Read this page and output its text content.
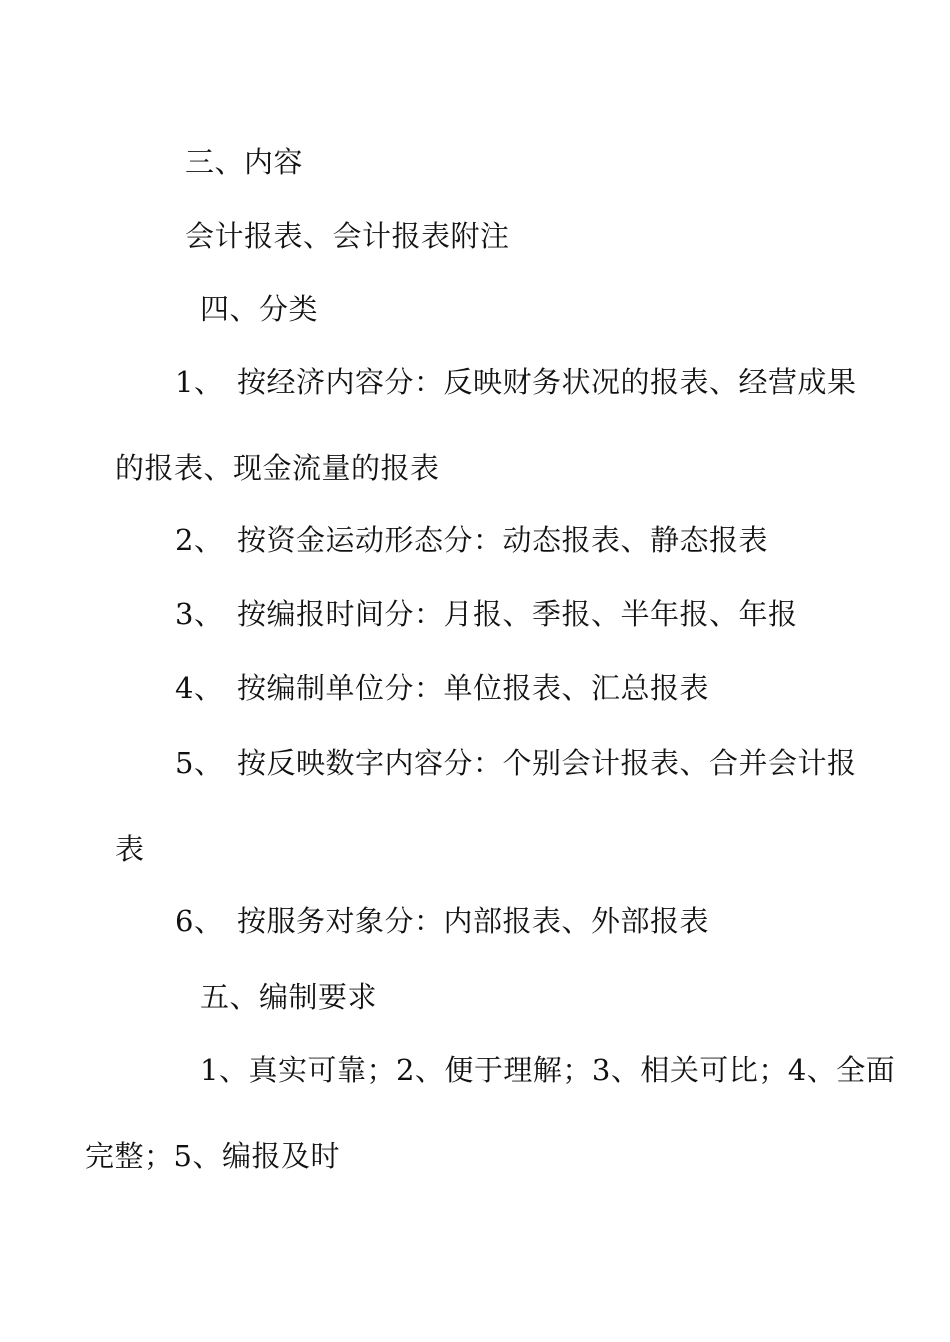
三、内容
会计报表、会计报表附注
四、分类
1、 按经济内容分：反映财务状况的报表、经营成果
的报表、现金流量的报表
2、 按资金运动形态分：动态报表、静态报表
3、 按编报时间分：月报、季报、半年报、年报
4、 按编制单位分：单位报表、汇总报表
5、 按反映数字内容分：个别会计报表、合并会计报
表
6、 按服务对象分：内部报表、外部报表
五、编制要求
1、真实可靠；2、便于理解；3、相关可比；4、全面
完整；5、编报及时
